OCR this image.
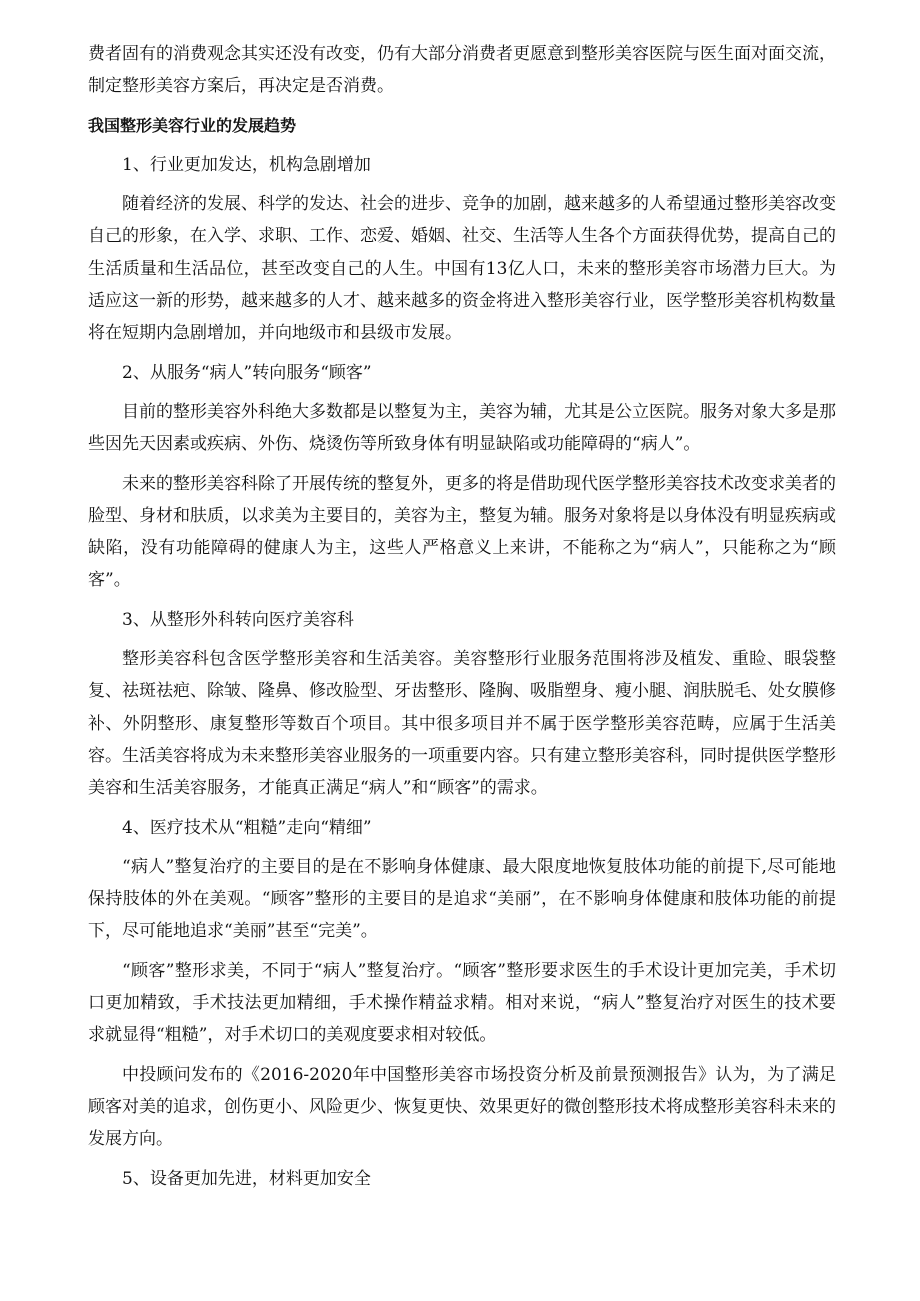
费者固有的消费观念其实还没有改变，仍有大部分消费者更愿意到整形美容医院与医生面对面交流，制定整形美容方案后，再决定是否消费。

我国整形美容行业的发展趋势

1、行业更加发达，机构急剧增加

随着经济的发展、科学的发达、社会的进步、竞争的加剧，越来越多的人希望通过整形美容改变自己的形象，在入学、求职、工作、恋爱、婚姻、社交、生活等人生各个方面获得优势，提高自己的生活质量和生活品位，甚至改变自己的人生。中国有13亿人口，未来的整形美容市场潜力巨大。为适应这一新的形势，越来越多的人才、越来越多的资金将进入整形美容行业，医学整形美容机构数量将在短期内急剧增加，并向地级市和县级市发展。

2、从服务“病人”转向服务“顾客”

目前的整形美容外科绝大多数都是以整复为主，美容为辅，尤其是公立医院。服务对象大多是那些因先天因素或疾病、外伤、烧烫伤等所致身体有明显缺陷或功能障碍的“病人”。

未来的整形美容科除了开展传统的整复外，更多的将是借助现代医学整形美容技术改变求美者的脸型、身材和肤质，以求美为主要目的，美容为主，整复为辅。服务对象将是以身体没有明显疾病或缺陷，没有功能障碍的健康人为主，这些人严格意义上来讲，不能称之为“病人”，只能称之为“顾客”。

3、从整形外科转向医疗美容科

整形美容科包含医学整形美容和生活美容。美容整形行业服务范围将涉及植发、重睑、眼袋整复、祛斑祛疤、除皱、隆鼻、修改脸型、牙齿整形、隆胸、吸脂塑身、瘦小腿、润肤脱毛、处女膜修补、外阴整形、康复整形等数百个项目。其中很多项目并不属于医学整形美容范畴，应属于生活美容。生活美容将成为未来整形美容业服务的一项重要内容。只有建立整形美容科，同时提供医学整形美容和生活美容服务，才能真正满足“病人”和“顾客”的需求。

4、医疗技术从“粗糙”走向“精细”

“病人”整复治疗的主要目的是在不影响身体健康、最大限度地恢复肢体功能的前提下,尽可能地保持肢体的外在美观。“顾客”整形的主要目的是追求“美丽”，在不影响身体健康和肢体功能的前提下，尽可能地追求“美丽”甚至“完美”。

“顾客”整形求美，不同于“病人”整复治疗。“顾客”整形要求医生的手术设计更加完美，手术切口更加精致，手术技法更加精细，手术操作精益求精。相对来说，“病人”整复治疗对医生的技术要求就显得“粗糙”，对手术切口的美观度要求相对较低。

中投顾问发布的《2016-2020年中国整形美容市场投资分析及前景预测报告》认为，为了满足顾客对美的追求，创伤更小、风险更少、恢复更快、效果更好的微创整形技术将成整形美容科未来的发展方向。

5、设备更加先进，材料更加安全
